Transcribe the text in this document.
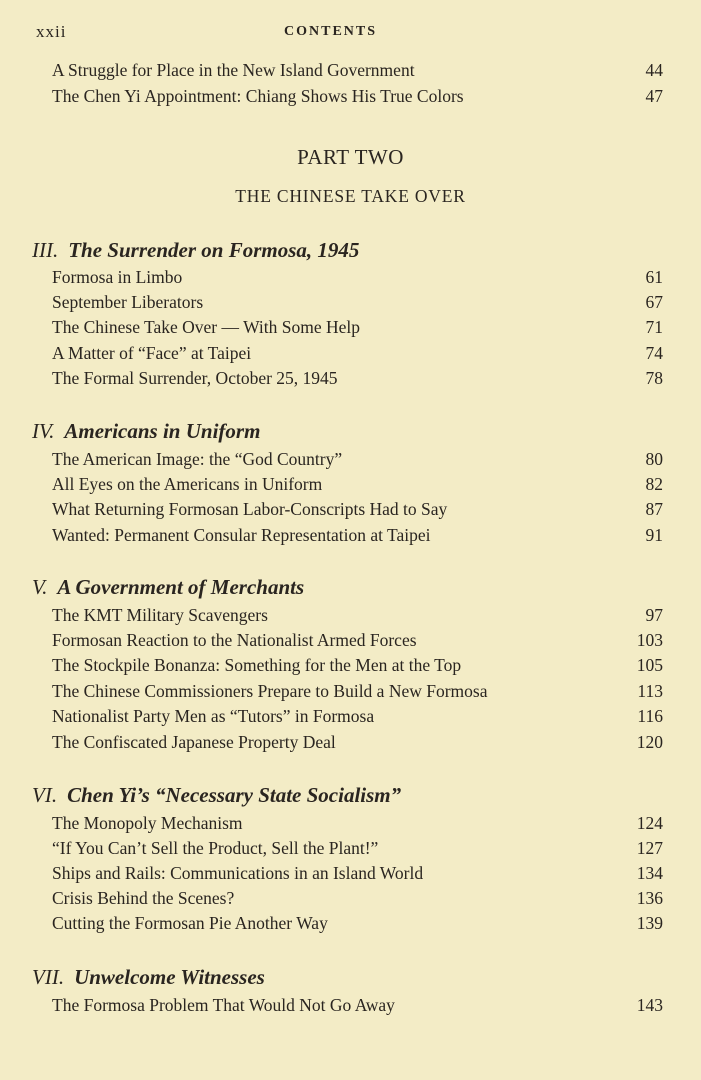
xxii	CONTENTS
A Struggle for Place in the New Island Government	44
The Chen Yi Appointment: Chiang Shows His True Colors	47
PART TWO
THE CHINESE TAKE OVER
III. The Surrender on Formosa, 1945
Formosa in Limbo	61
September Liberators	67
The Chinese Take Over — With Some Help	71
A Matter of “Face” at Taipei	74
The Formal Surrender, October 25, 1945	78
IV. Americans in Uniform
The American Image: the “God Country”	80
All Eyes on the Americans in Uniform	82
What Returning Formosan Labor-Conscripts Had to Say	87
Wanted: Permanent Consular Representation at Taipei	91
V. A Government of Merchants
The KMT Military Scavengers	97
Formosan Reaction to the Nationalist Armed Forces	103
The Stockpile Bonanza: Something for the Men at the Top	105
The Chinese Commissioners Prepare to Build a New Formosa	113
Nationalist Party Men as “Tutors” in Formosa	116
The Confiscated Japanese Property Deal	120
VI. Chen Yi’s “Necessary State Socialism”
The Monopoly Mechanism	124
“If You Can’t Sell the Product, Sell the Plant!”	127
Ships and Rails: Communications in an Island World	134
Crisis Behind the Scenes?	136
Cutting the Formosan Pie Another Way	139
VII. Unwelcome Witnesses
The Formosa Problem That Would Not Go Away	143
